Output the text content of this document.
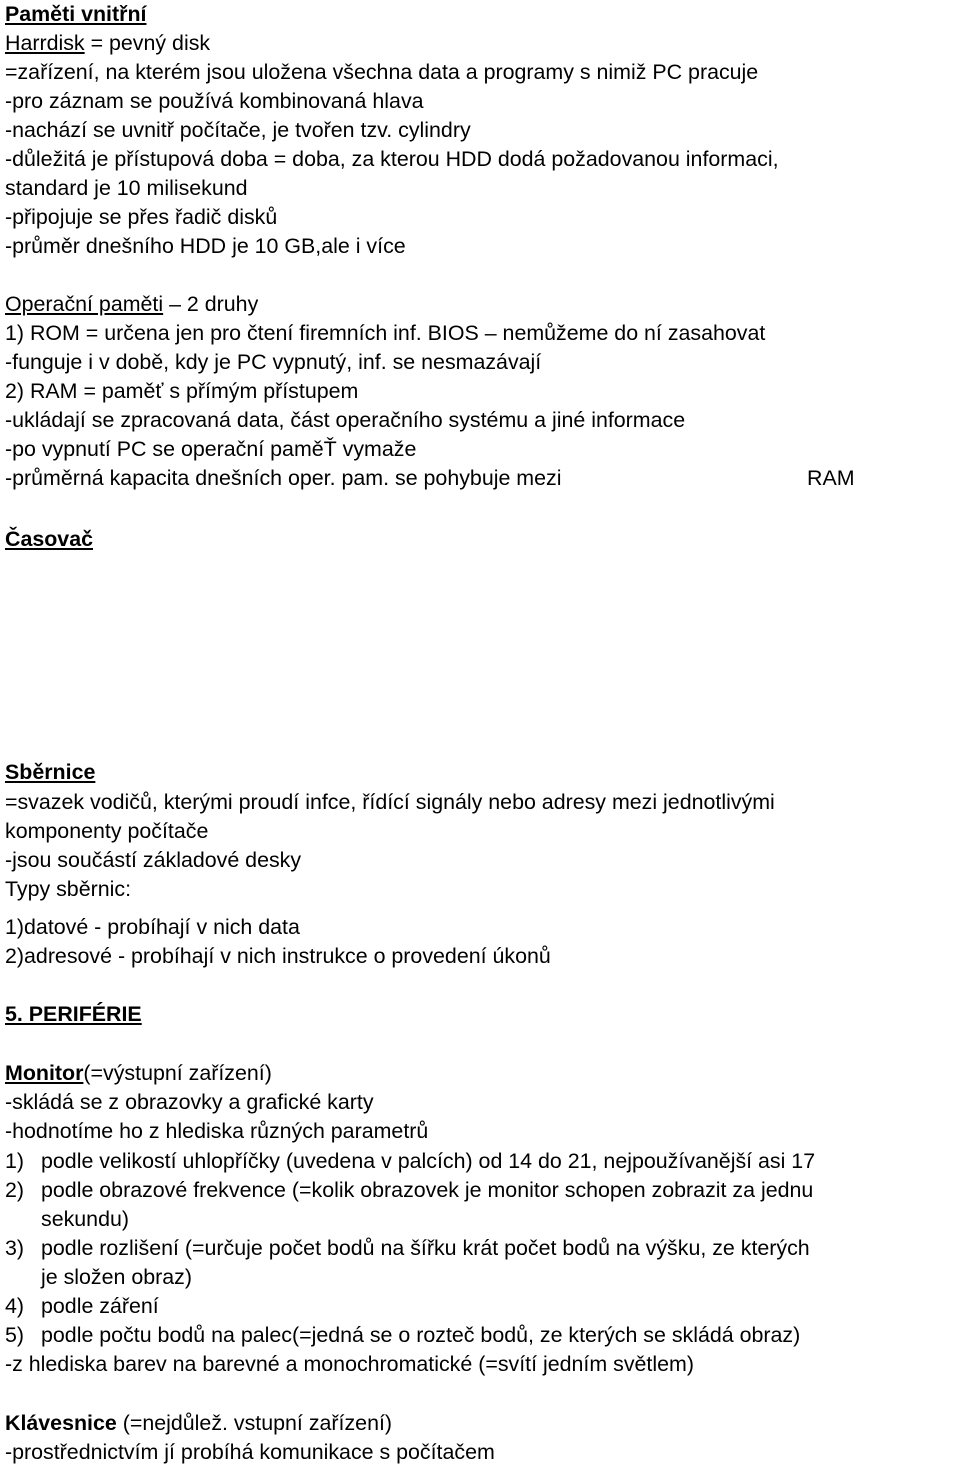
Paměti vnitřní

Harrdisk = pevný disk

=zařízení, na kterém jsou uložena všechna data a programy s nimiž PC pracuje

-pro záznam se používá kombinovaná hlava

-nachází se uvnitř počítače, je tvořen tzv. cylindry

-důležitá je přístupová doba = doba, za kterou HDD dodá požadovanou informaci,

standard je 10 milisekund

-připojuje se přes řadič disků

-průměr dnešního HDD je 10 GB,ale i více

Operační paměti – 2 druhy

1) ROM = určena jen pro čtení firemních inf. BIOS – nemůžeme do ní zasahovat

-funguje i v době, kdy je PC vypnutý, inf. se nesmazávají

2) RAM = paměť s přímým přístupem

-ukládají se zpracovaná data, část operačního systému a jiné informace

-po vypnutí PC se operační paměŤ vymaže

-průměrná kapacita dnešních oper. pam. se pohybuje mezi	RAM

Časovač

Sběrnice

=svazek vodičů, kterými proudí infce, řídící signály nebo adresy mezi jednotlivými

komponenty počítače

-jsou součástí základové desky

Typy sběrnic:

1)datové - probíhají v nich data

2)adresové - probíhají v nich instrukce o provedení úkonů

5. PERIFÉRIE

Monitor(=výstupní zařízení)

-skládá se z obrazovky a grafické karty

-hodnotíme ho z hlediska různých parametrů

1) podle velikostí uhlopříčky (uvedena v palcích) od 14 do 21, nejpoužívanější asi 17

2) podle obrazové frekvence (=kolik obrazovek je monitor schopen zobrazit za jednu

sekundu)

3) podle rozlišení (=určuje počet bodů na šířku krát počet bodů na výšku, ze kterých

je složen obraz)

4) podle záření

5) podle počtu bodů na palec(=jedná se o rozteč bodů, ze kterých se skládá obraz)

-z hlediska barev na barevné a monochromatické (=svítí jedním světlem)

Klávesnice (=nejdůlež. vstupní zařízení)

-prostřednictvím jí probíhá komunikace s počítačem
